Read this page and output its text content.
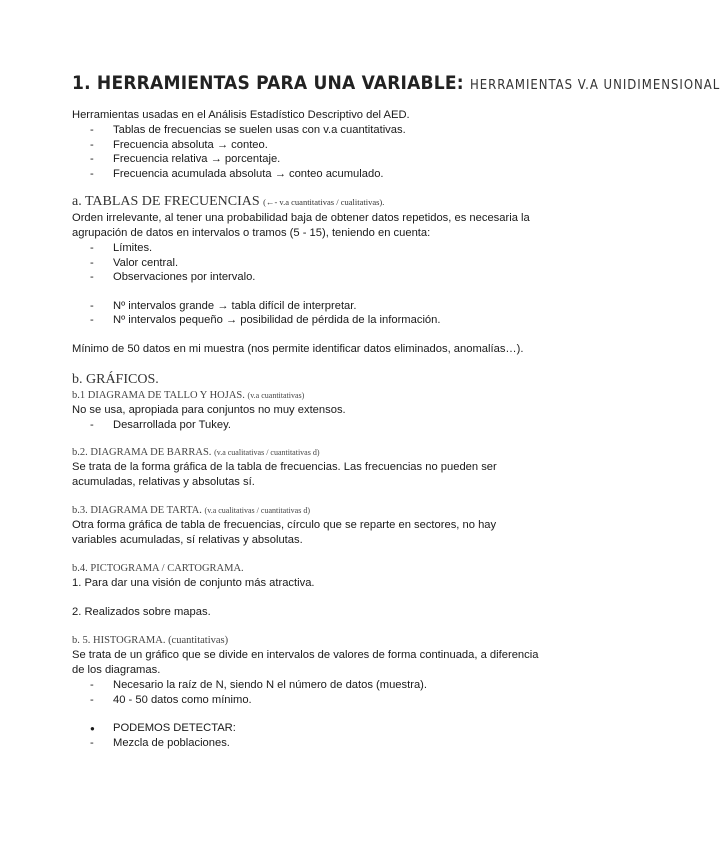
1. HERRAMIENTAS PARA UNA VARIABLE: HERRAMIENTAS V.A UNIDIMENSIONAL

Herramientas usadas en el Análisis Estadístico Descriptivo del AED.

- Tablas de frecuencias se suelen usas con v.a cuantitativas.
- Frecuencia absoluta → conteo.
- Frecuencia relativa → porcentaje.
- Frecuencia acumulada absoluta → conteo acumulado.
a. TABLAS DE FRECUENCIAS (←- v.a cuantitativas / cualitativas).

Orden irrelevante, al tener una probabilidad baja de obtener datos repetidos, es necesaria la agrupación de datos en intervalos o tramos (5 - 15), teniendo en cuenta:

- Límites.
- Valor central.
- Observaciones por intervalo.
- Nº intervalos grande → tabla difícil de interpretar.
- Nº intervalos pequeño → posibilidad de pérdida de la información.

Mínimo de 50 datos en mi muestra (nos permite identificar datos eliminados, anomalías…).

b. GRÁFICOS.
b.1 DIAGRAMA DE TALLO Y HOJAS. (v.a cuantitativas)

No se usa, apropiada para conjuntos no muy extensos.

- Desarrollada por Tukey.
b.2. DIAGRAMA DE BARRAS. (v.a cualitativas / cuantitativas d)

Se trata de la forma gráfica de la tabla de frecuencias. Las frecuencias no pueden ser acumuladas, relativas y absolutas sí.

b.3. DIAGRAMA DE TARTA. (v.a cualitativas / cuantitativas d)

Otra forma gráfica de tabla de frecuencias, círculo que se reparte en sectores, no hay variables acumuladas, sí relativas y absolutas.

b.4. PICTOGRAMA / CARTOGRAMA.

1. Para dar una visión de conjunto más atractiva.

2. Realizados sobre mapas.

b. 5. HISTOGRAMA. (cuantitativas)

Se trata de un gráfico que se divide en intervalos de valores de forma continuada, a diferencia de los diagramas.

- Necesario la raíz de N, siendo N el número de datos (muestra).
- 40 - 50 datos como mínimo.
● PODEMOS DETECTAR:
- Mezcla de poblaciones.
